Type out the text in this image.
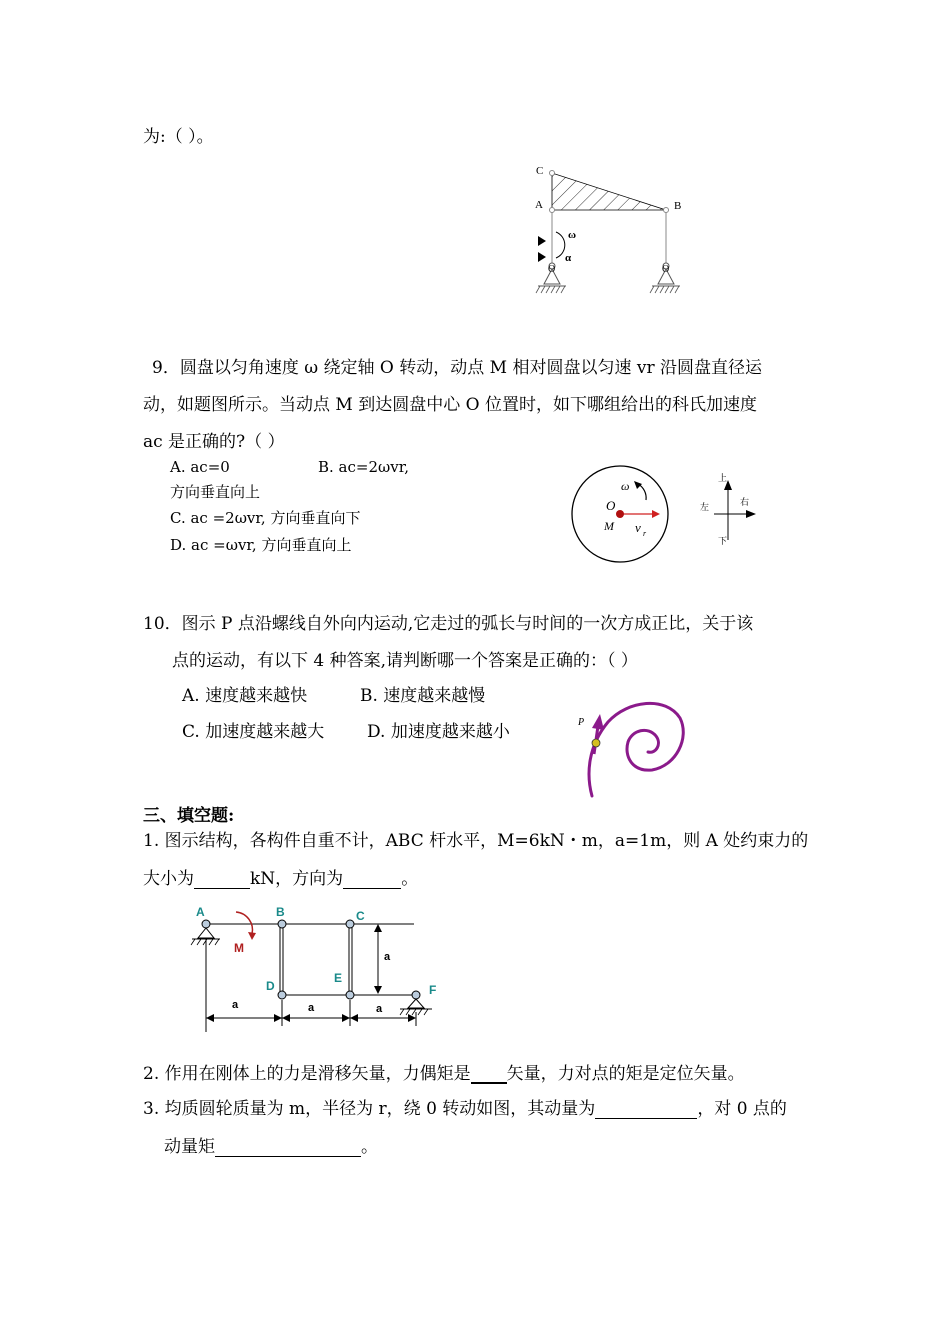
为:（ ）。
C
A	B
ω
α
O	O
9．圆盘以匀角速度 ω 绕定轴 O 转动，动点 M 相对圆盘以匀速 vr 沿圆盘直径运
动，如题图所示。当动点 M 到达圆盘中心 O 位置时，如下哪组给出的科氏加速度
ac 是正确的?（ ）
A. ac=0	B. ac=2ωvr,
方向垂直向上
C. ac =2ωvr, 方向垂直向下
D. ac =ωvr, 方向垂直向上
ω
O
M v r
上
下
左	右
10．图示 P 点沿螺线自外向内运动,它走过的弧长与时间的一次方成正比，关于该
点的运动，有以下 4 种答案,请判断哪一个答案是正确的：（ ）
A. 速度越来越快	B. 速度越来越慢
C. 加速度越来越大	D. 加速度越来越小	P
三、填空题:
1. 图示结构，各构件自重不计，ABC 杆水平，M=6kN・m，a=1m，则 A 处约束力的
大小为	kN，方向为	。
A	B	C
D
E
F
M
a
a	a	a
2. 作用在刚体上的力是滑移矢量，力偶矩是 矢量，力对点的矩是定位矢量。
3. 均质圆轮质量为 m，半径为 r，绕 0 转动如图，其动量为	，对 0 点的
动量矩	。
